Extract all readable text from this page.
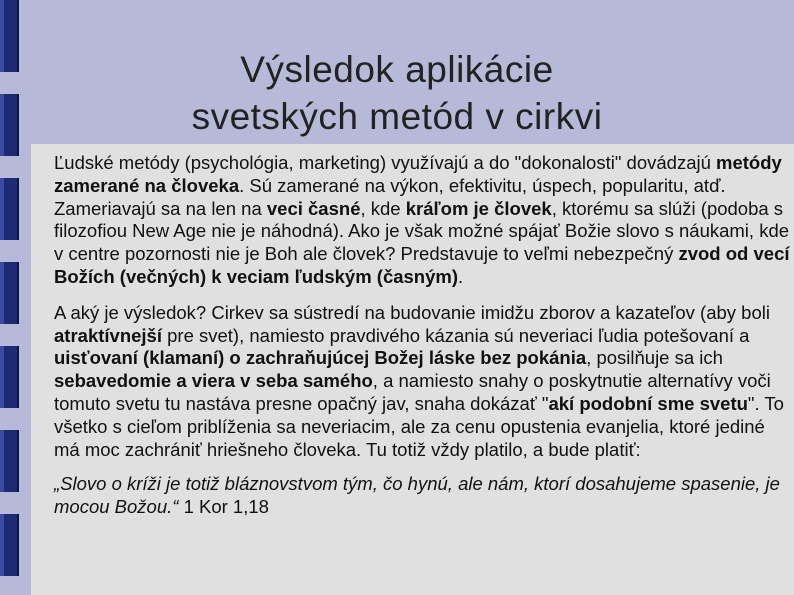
Výsledok aplikácie
svetských metód v cirkvi

Ľudské metódy (psychológia, marketing) využívajú a do "dokonalosti" dovádzajú metódy zamerané na človeka. Sú zamerané na výkon, efektivitu, úspech, popularitu, atď. Zameriavajú sa na len na veci časné, kde kráľom je človek, ktorému sa slúži (podoba s filozofiou New Age nie je náhodná). Ako je však možné spájať Božie slovo s náukami, kde v centre pozornosti nie je Boh ale človek? Predstavuje to veľmi nebezpečný zvod od vecí Božích (večných) k veciam ľudským (časným).

A aký je výsledok? Cirkev sa sústredí na budovanie imidžu zborov a kazateľov (aby boli atraktívnejší pre svet), namiesto pravdivého kázania sú neveriaci ľudia potešovaní a uisťovaní (klamaní) o zachraňujúcej Božej láske bez pokánia, posilňuje sa ich sebavedomie a viera v seba samého, a namiesto snahy o poskytnutie alternatívy voči tomuto svetu tu nastáva presne opačný jav, snaha dokázať "akí podobní sme svetu". To všetko s cieľom priblíženia sa neveriacim, ale za cenu opustenia evanjelia, ktoré jediné má moc zachrániť hriešneho človeka. Tu totiž vždy platilo, a bude platiť:

„Slovo o kríži je totiž bláznovstvom tým, čo hynú, ale nám, ktorí dosahujeme spasenie, je mocou Božou.“ 1 Kor 1,18
